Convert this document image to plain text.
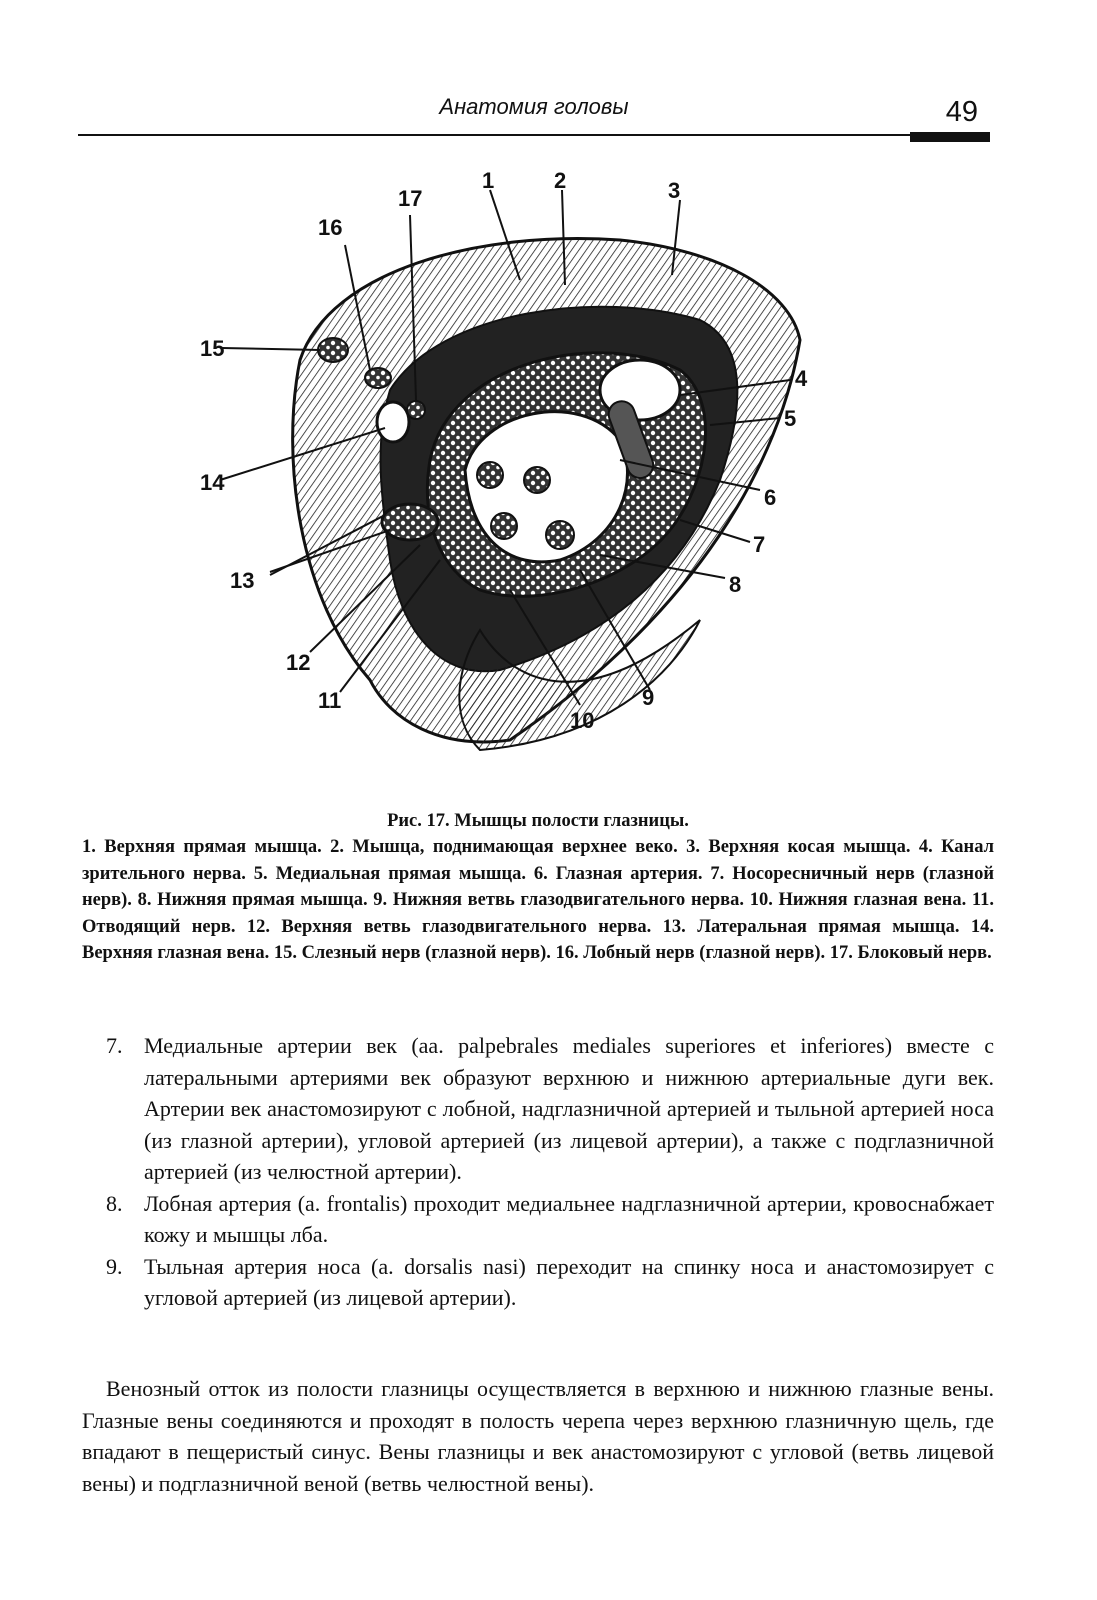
Анатомия головы	49
1	2	3
4
5
6
7
8
9
10
11
12
13
14
15
16
17
Рис. 17. Мышцы полости глазницы.
1. Верхняя прямая мышца. 2. Мышца, поднимающая верхнее веко. 3. Верхняя косая мышца. 4. Канал зрительного нерва. 5. Медиальная прямая мышца. 6. Глазная артерия. 7. Носоресничный нерв (глазной нерв). 8. Нижняя прямая мышца. 9. Нижняя ветвь глазодвигательного нерва. 10. Нижняя глазная вена. 11. Отводящий нерв. 12. Верхняя ветвь глазодвигательного нерва. 13. Латеральная прямая мышца. 14. Верхняя глазная вена. 15. Слезный нерв (глазной нерв). 16. Лобный нерв (глазной нерв). 17. Блоковый нерв.

7. Медиальные артерии век (aa. palpebrales mediales superiores et inferiores) вместе с латеральными артериями век образуют верхнюю и нижнюю артериальные дуги век. Артерии век анастомозируют с лобной, надглазничной артерией и тыльной артерией носа (из глазной артерии), угловой артерией (из лицевой артерии), а также с подглазничной артерией (из челюстной артерии).

8. Лобная артерия (a. frontalis) проходит медиальнее надглазничной артерии, кровоснабжает кожу и мышцы лба.

9. Тыльная артерия носа (a. dorsalis nasi) переходит на спинку носа и анастомозирует с угловой артерией (из лицевой артерии).

Венозный отток из полости глазницы осуществляется в верхнюю и нижнюю глазные вены. Глазные вены соединяются и проходят в полость черепа через верхнюю глазничную щель, где впадают в пещеристый синус. Вены глазницы и век анастомозируют с угловой (ветвь лицевой вены) и подглазничной веной (ветвь челюстной вены).
